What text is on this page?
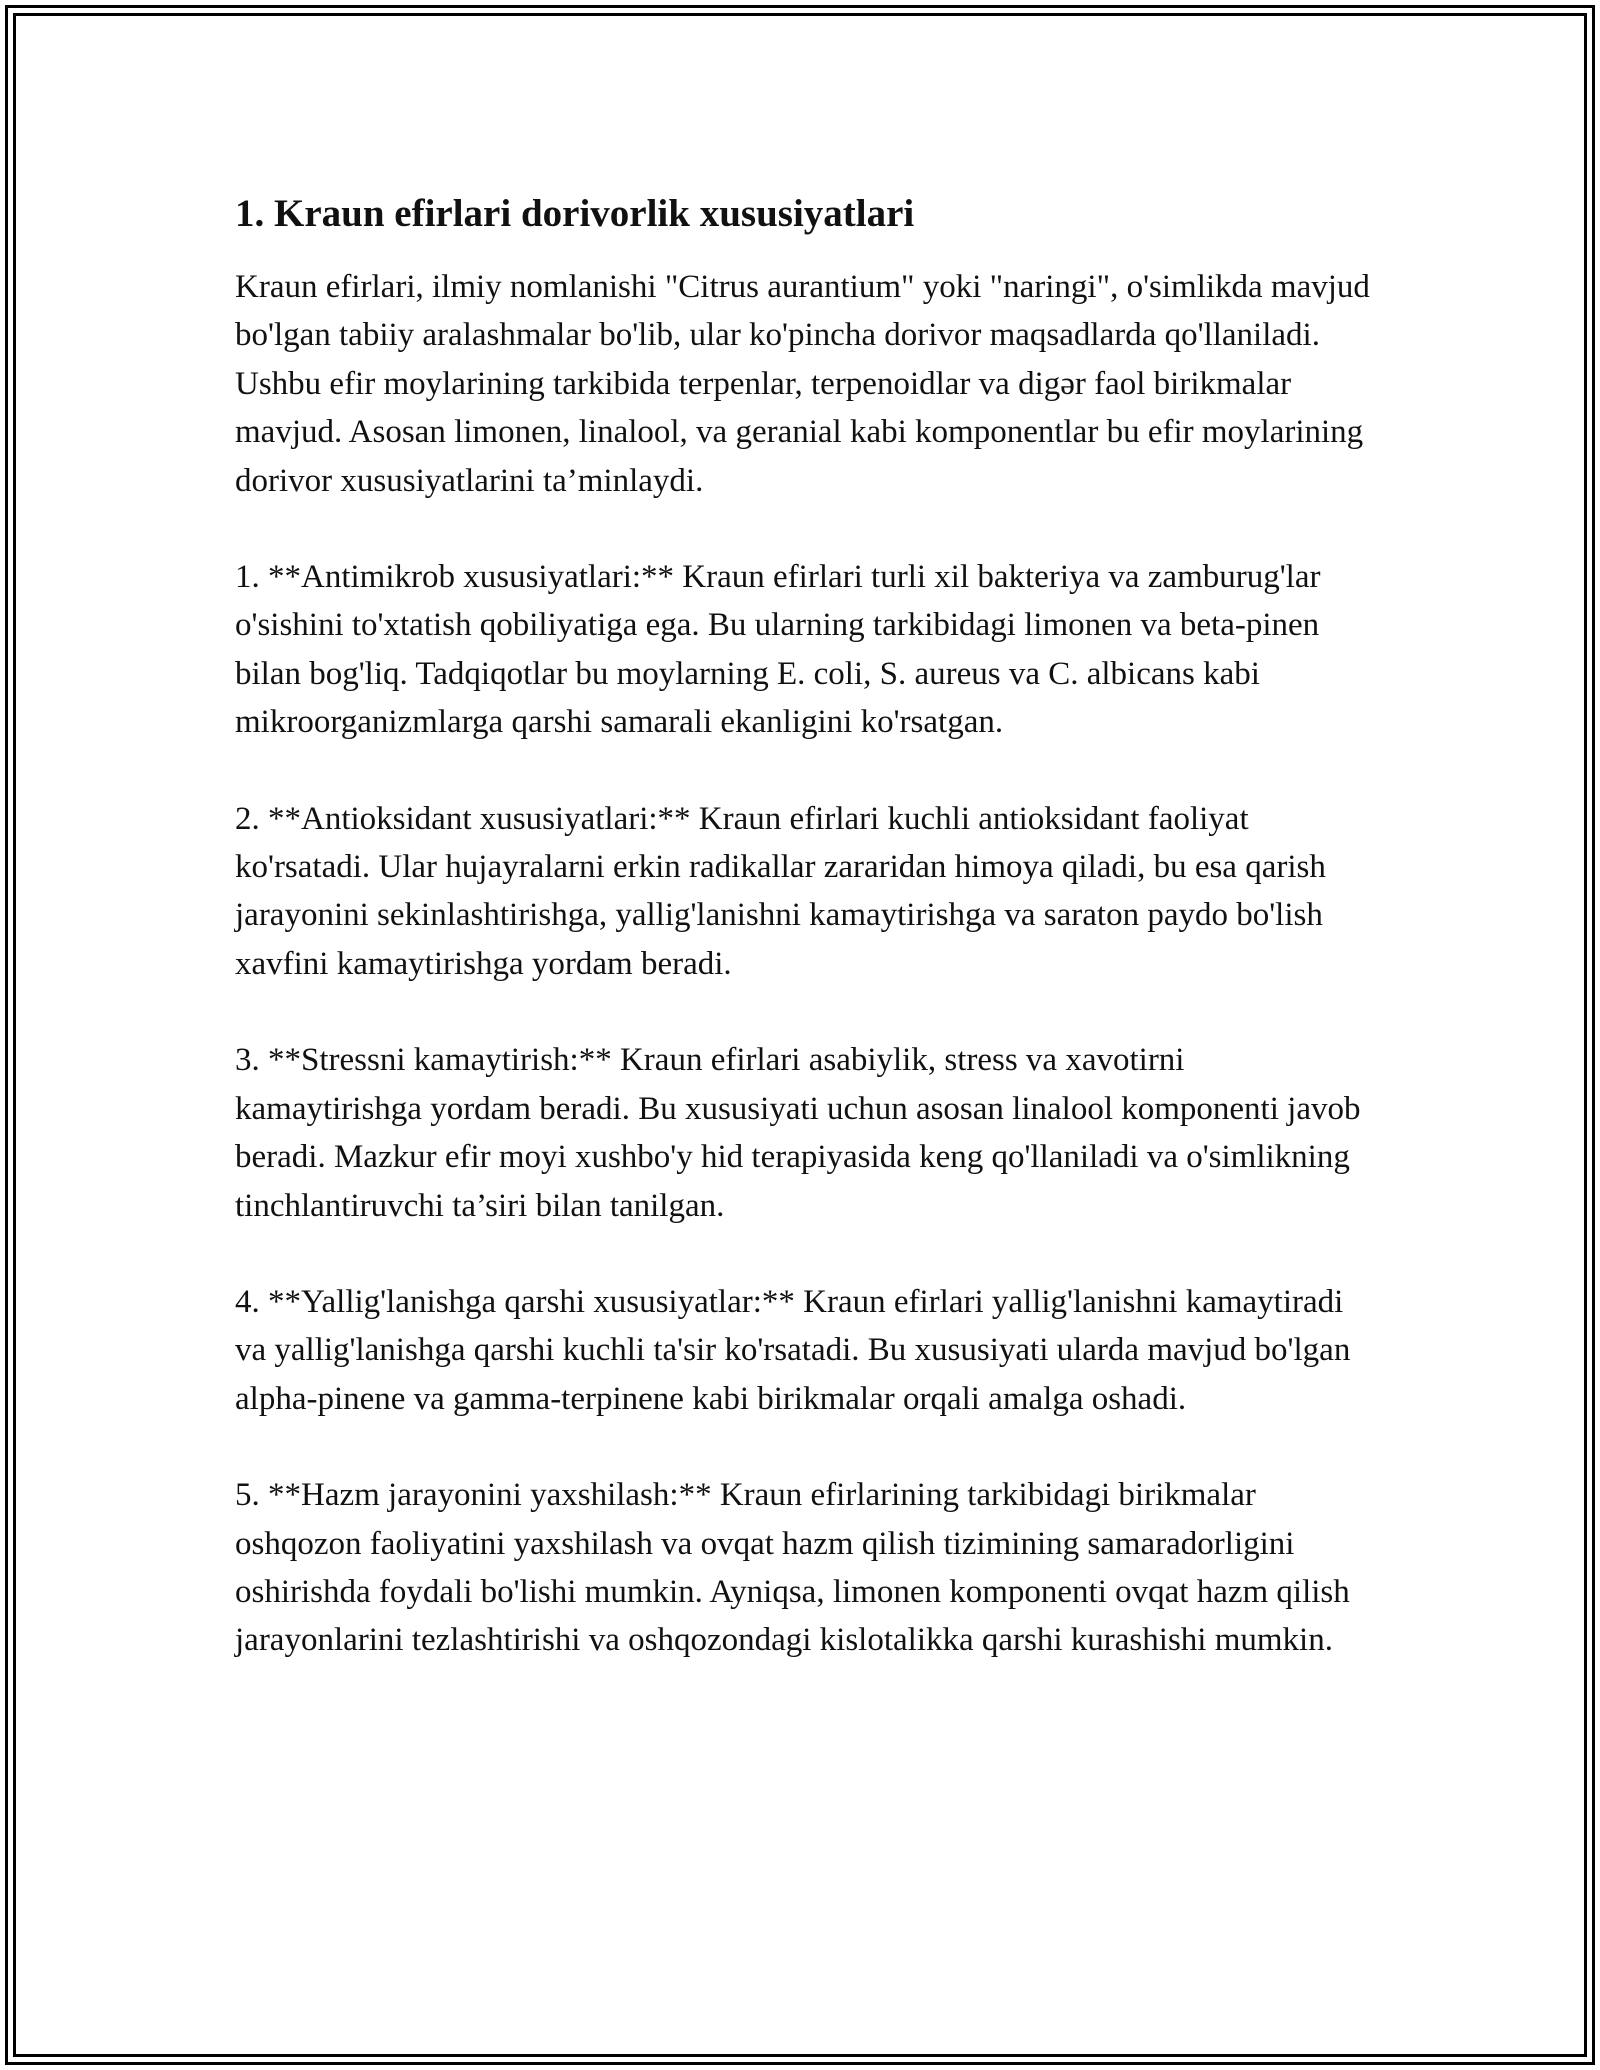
1. Kraun efirlari dorivorlik xususiyatlari

Kraun efirlari, ilmiy nomlanishi "Citrus aurantium" yoki "naringi", o'simlikda mavjud bo'lgan tabiiy aralashmalar bo'lib, ular ko'pincha dorivor maqsadlarda qo'llaniladi. Ushbu efir moylarining tarkibida terpenlar, terpenoidlar va digər faol birikmalar mavjud. Asosan limonen, linalool, va geranial kabi komponentlar bu efir moylarining dorivor xususiyatlarini ta’minlaydi.

1. **Antimikrob xususiyatlari:** Kraun efirlari turli xil bakteriya va zamburug'lar o'sishini to'xtatish qobiliyatiga ega. Bu ularning tarkibidagi limonen va beta-pinen bilan bog'liq. Tadqiqotlar bu moylarning E. coli, S. aureus va C. albicans kabi mikroorganizmlarga qarshi samarali ekanligini ko'rsatgan.

2. **Antioksidant xususiyatlari:** Kraun efirlari kuchli antioksidant faoliyat ko'rsatadi. Ular hujayralarni erkin radikallar zararidan himoya qiladi, bu esa qarish jarayonini sekinlashtirishga, yallig'lanishni kamaytirishga va saraton paydo bo'lish xavfini kamaytirishga yordam beradi.

3. **Stressni kamaytirish:** Kraun efirlari asabiylik, stress va xavotirni kamaytirishga yordam beradi. Bu xususiyati uchun asosan linalool komponenti javob beradi. Mazkur efir moyi xushbo'y hid terapiyasida keng qo'llaniladi va o'simlikning tinchlantiruvchi ta’siri bilan tanilgan.

4. **Yallig'lanishga qarshi xususiyatlar:** Kraun efirlari yallig'lanishni kamaytiradi va yallig'lanishga qarshi kuchli ta'sir ko'rsatadi. Bu xususiyati ularda mavjud bo'lgan alpha-pinene va gamma-terpinene kabi birikmalar orqali amalga oshadi.

5. **Hazm jarayonini yaxshilash:** Kraun efirlarining tarkibidagi birikmalar oshqozon faoliyatini yaxshilash va ovqat hazm qilish tizimining samaradorligini oshirishda foydali bo'lishi mumkin. Ayniqsa, limonen komponenti ovqat hazm qilish jarayonlarini tezlashtirishi va oshqozondagi kislotalikka qarshi kurashishi mumkin.
